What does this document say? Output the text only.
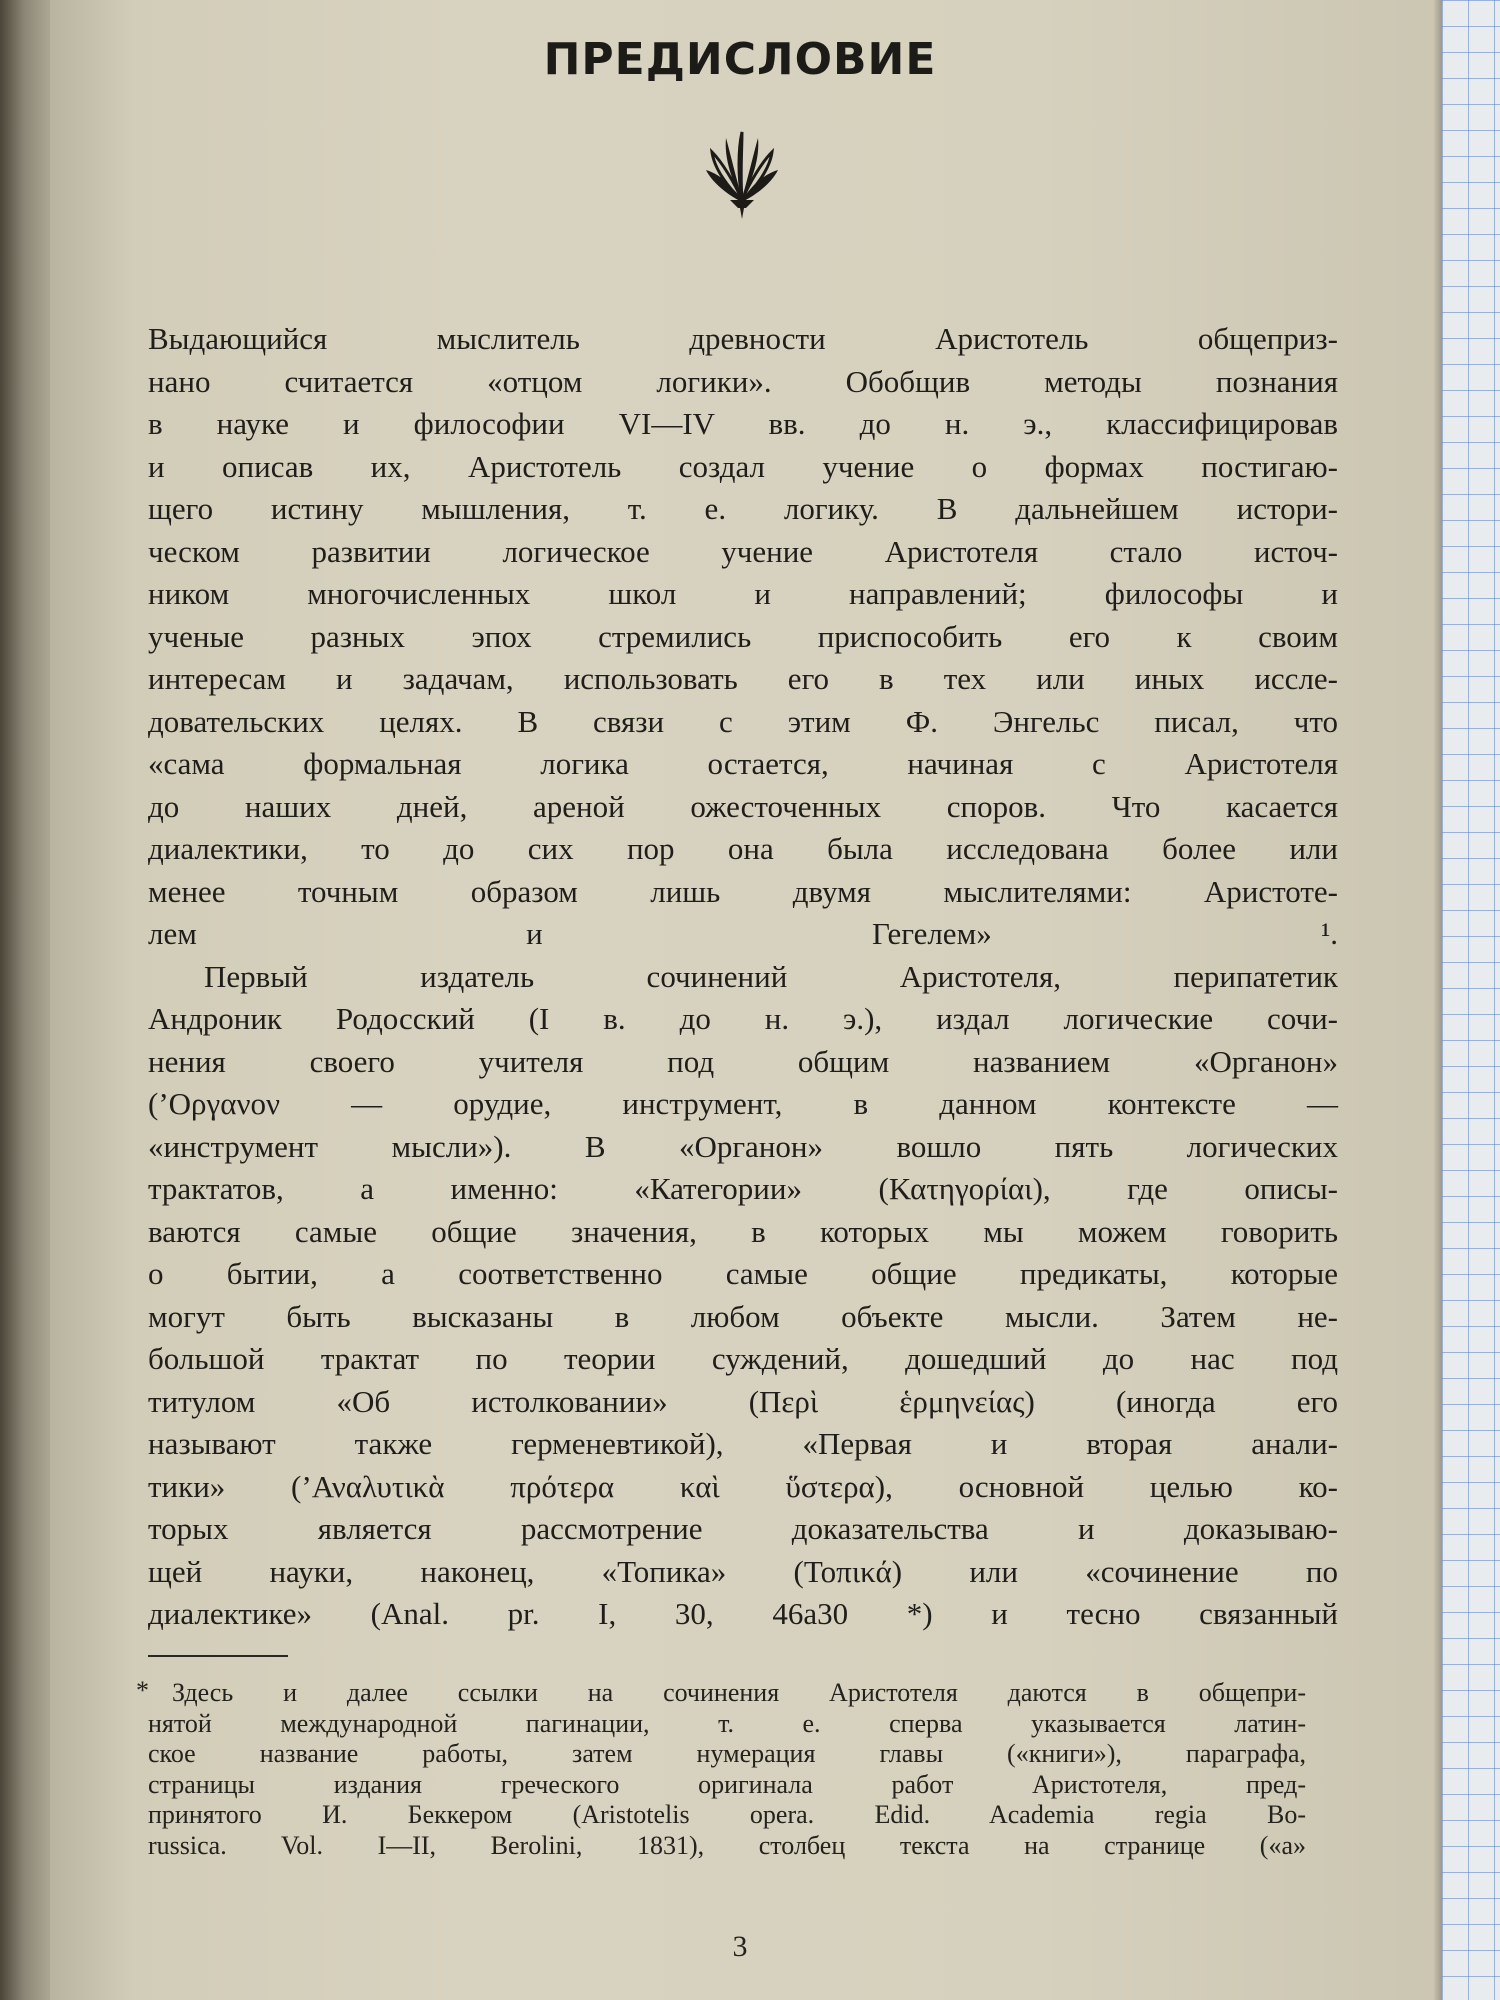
ПРЕДИСЛОВИЕ

Выдающийся мыслитель древности Аристотель общеприз-
нано считается «отцом логики». Обобщив методы познания
в науке и философии VI—IV вв. до н. э., классифицировав
и описав их, Аристотель создал учение о формах постигаю-
щего истину мышления, т. е. логику. В дальнейшем истори-
ческом развитии логическое учение Аристотеля стало источ-
ником многочисленных школ и направлений; философы и
ученые разных эпох стремились приспособить его к своим
интересам и задачам, использовать его в тех или иных иссле-
довательских целях. В связи с этим Ф. Энгельс писал, что
«сама формальная логика остается, начиная с Аристотеля
до наших дней, ареной ожесточенных споров. Что касается
диалектики, то до сих пор она была исследована более или
менее точным образом лишь двумя мыслителями: Аристоте-
лем и Гегелем» ¹.

Первый издатель сочинений Аристотеля, перипатетик
Андроник Родосский (I в. до н. э.), издал логические сочи-
нения своего учителя под общим названием «Органон»
(’Οργανον — орудие, инструмент, в данном контексте —
«инструмент мысли»). В «Органон» вошло пять логических
трактатов, а именно: «Категории» (Κατηγορίαι), где описы-
ваются самые общие значения, в которых мы можем говорить
о бытии, а соответственно самые общие предикаты, которые
могут быть высказаны в любом объекте мысли. Затем не-
большой трактат по теории суждений, дошедший до нас под
титулом «Об истолковании» (Περὶ ἑρμηνείας) (иногда его
называют также герменевтикой), «Первая и вторая анали-
тики» (’Αναλυτικὰ πρότερα καὶ ὕστερα), основной целью ко-
торых является рассмотрение доказательства и доказываю-
щей науки, наконец, «Топика» (Τοπικά) или «сочинение по
диалектике» (Anal. pr. I, 30, 46a30 *) и тесно связанный

* Здесь и далее ссылки на сочинения Аристотеля даются в общепри-
нятой международной пагинации, т. е. сперва указывается латин-
ское название работы, затем нумерация главы («книги»), параграфа,
страницы издания греческого оригинала работ Аристотеля, пред-
принятого И. Беккером (Aristotelis opera. Edid. Academia regia Bo-
russica. Vol. I—II, Berolini, 1831), столбец текста на странице («а»
3
